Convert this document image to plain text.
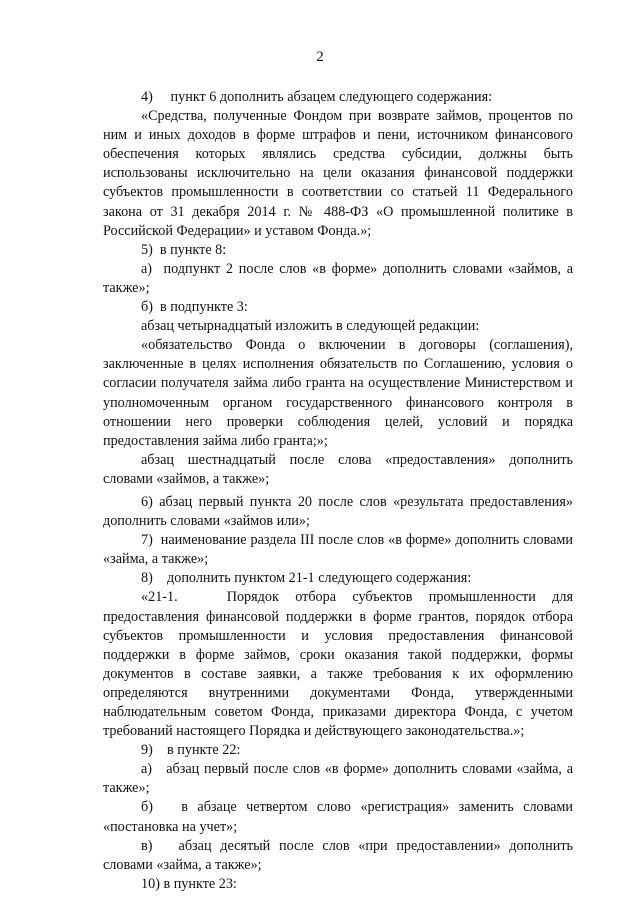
2

4)     пункт 6 дополнить абзацем следующего содержания:

«Средства, полученные Фондом при возврате займов, процентов по ним и иных доходов в форме штрафов и пени, источником финансового обеспечения которых являлись средства субсидии, должны быть использованы исключительно на цели оказания финансовой поддержки субъектов промышленности в соответствии со статьей 11 Федерального закона от 31 декабря 2014 г. № 488-ФЗ «О промышленной политике в Российской Федерации» и уставом Фонда.»;

5)  в пункте 8:

а)  подпункт 2 после слов «в форме» дополнить словами «займов, а также»;

б)  в подпункте 3:

абзац четырнадцатый изложить в следующей редакции:

«обязательство Фонда о включении в договоры (соглашения), заключенные в целях исполнения обязательств по Соглашению, условия о согласии получателя займа либо гранта на осуществление Министерством и уполномоченным органом государственного финансового контроля в отношении него проверки соблюдения целей, условий и порядка предоставления займа либо гранта;»;

абзац шестнадцатый после слова «предоставления» дополнить словами «займов, а также»;

6) абзац первый пункта 20 после слов «результата предоставления» дополнить словами «займов или»;

7)  наименование раздела III после слов «в форме» дополнить словами «займа, а также»;

8)    дополнить пунктом 21-1 следующего содержания:

«21-1.   Порядок отбора субъектов промышленности для предоставления финансовой поддержки в форме грантов, порядок отбора субъектов промышленности и условия предоставления финансовой поддержки в форме займов, сроки оказания такой поддержки, формы документов в составе заявки, а также требования к их оформлению определяются внутренними документами Фонда, утвержденными наблюдательным советом Фонда, приказами директора Фонда, с учетом требований настоящего Порядка и действующего законодательства.»;

9)    в пункте 22:

а)   абзац первый после слов «в форме» дополнить словами «займа, а также»;

б)   в абзаце четвертом слово «регистрация» заменить словами «постановка на учет»;

в)   абзац десятый после слов «при предоставлении» дополнить словами «займа, а также»;

10) в пункте 23:
